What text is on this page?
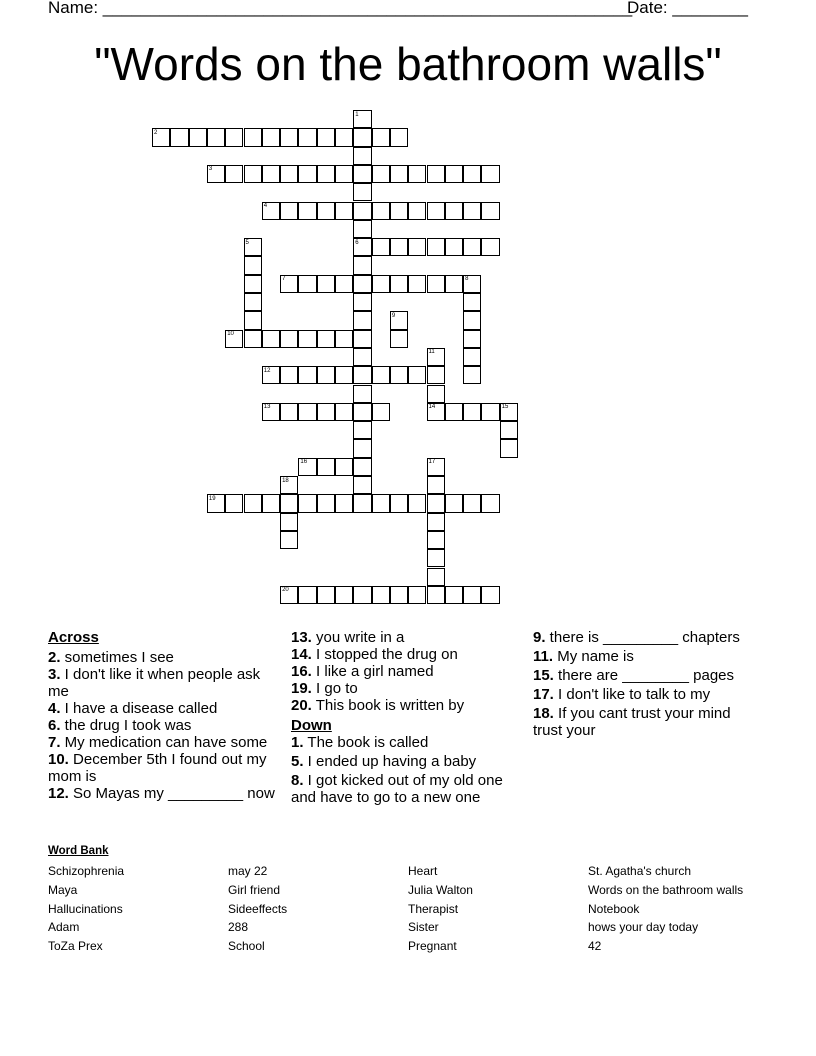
Name: ________________________________________________________
Date: ________
"Words on the bathroom walls"
1
2
3
4
5	6
7	8
9
10
11
12
13	14	15
16	17
18
19
20
Across
2. sometimes I see
3. I don't like it when people ask me
4. I have a disease called
6. the drug I took was
7. My medication can have some
10. December 5th I found out my mom is
12. So Mayas my _________ now
13. you write in a
14. I stopped the drug on
16. I like a girl named
19. I go to
20. This book is written by
Down
1. The book is called
5. I ended up having a baby
8. I got kicked out of my old one and have to go to a new one
9. there is _________ chapters
11. My name is
15. there are ________ pages
17. I don't like to talk to my
18. If you cant trust your mind trust your
Word Bank
Schizophrenia
Maya
Hallucinations
Adam
ToZa Prex
may 22
Girl friend
Sideeffects
288
School
Heart
Julia Walton
Therapist
Sister
Pregnant
St. Agatha's church
Words on the bathroom walls
Notebook
hows your day today
42
